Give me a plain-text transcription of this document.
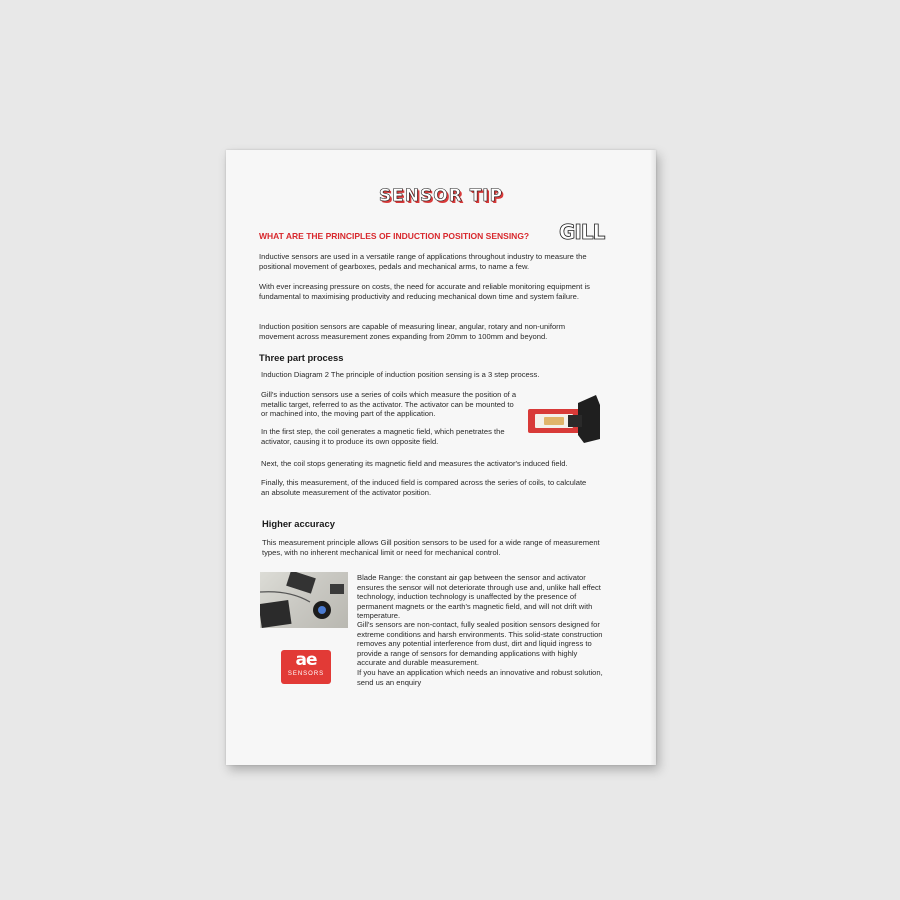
SENSOR TIP
WHAT ARE THE PRINCIPLES OF INDUCTION POSITION SENSING? GILL

Inductive sensors are used in a versatile range of applications throughout industry to measure the positional movement of gearboxes, pedals and mechanical arms, to name a few.

With ever increasing pressure on costs, the need for accurate and reliable monitoring equipment is fundamental to maximising productivity and reducing mechanical down time and system failure.

Induction position sensors are capable of measuring linear, angular, rotary and non-uniform movement across measurement zones expanding from 20mm to 100mm and beyond.

Three part process

Induction Diagram 2 The principle of induction position sensing is a 3 step process.

Gill's induction sensors use a series of coils which measure the position of a metallic target, referred to as the activator. The activator can be mounted to or machined into, the moving part of the application.

In the first step, the coil generates a magnetic field, which penetrates the activator, causing it to produce its own opposite field.

Next, the coil stops generating its magnetic field and measures the activator's induced field.

Finally, this measurement, of the induced field is compared across the series of coils, to calculate an absolute measurement of the activator position.

Higher accuracy

This measurement principle allows Gill position sensors to be used for a wide range of measurement types, with no inherent mechanical limit or need for mechanical control.

ae
SENSORS

Blade Range: the constant air gap between the sensor and activator ensures the sensor will not deteriorate through use and, unlike hall effect technology, induction technology is unaffected by the presence of permanent magnets or the earth's magnetic field, and will not drift with temperature.

Gill's sensors are non-contact, fully sealed position sensors designed for extreme conditions and harsh environments. This solid-state construction removes any potential interference from dust, dirt and liquid ingress to provide a range of sensors for demanding applications with highly accurate and durable measurement.

If you have an application which needs an innovative and robust solution, send us an enquiry
